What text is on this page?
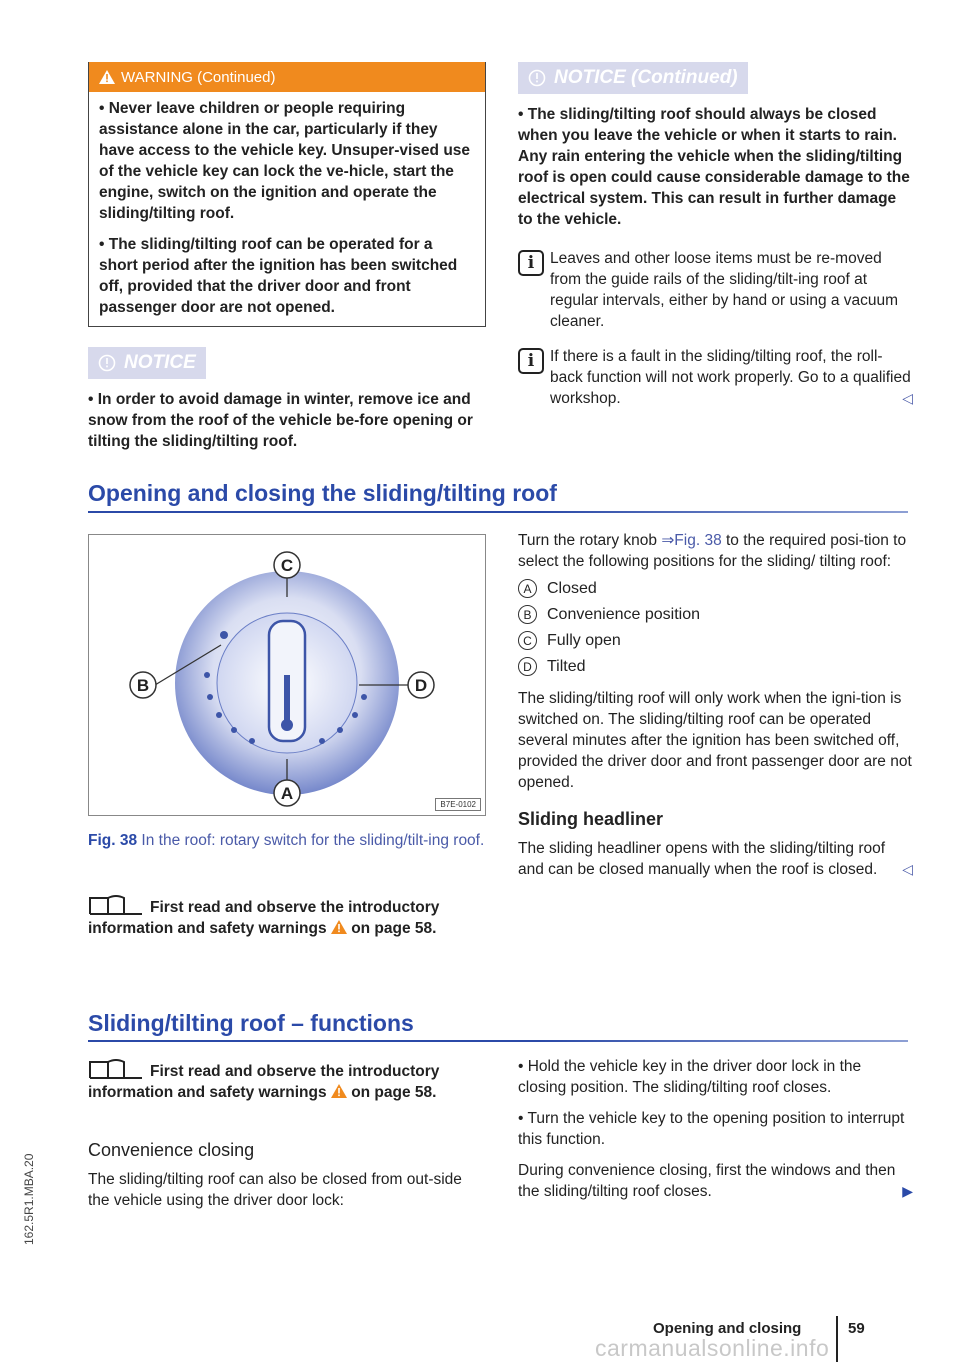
WARNING (Continued)

• Never leave children or people requiring assistance alone in the car, particularly if they have access to the vehicle key. Unsuper-vised use of the vehicle key can lock the ve-hicle, start the engine, switch on the ignition and operate the sliding/tilting roof.

• The sliding/tilting roof can be operated for a short period after the ignition has been switched off, provided that the driver door and front passenger door are not opened.

NOTICE

• In order to avoid damage in winter, remove ice and snow from the roof of the vehicle be-fore opening or tilting the sliding/tilting roof.

NOTICE (Continued)

• The sliding/tilting roof should always be closed when you leave the vehicle or when it starts to rain. Any rain entering the vehicle when the sliding/tilting roof is open could cause considerable damage to the electrical system. This can result in further damage to the vehicle.

i	Leaves and other loose items must be re-moved from the guide rails of the sliding/tilt-ing roof at regular intervals, either by hand or using a vacuum cleaner.
i	If there is a fault in the sliding/tilting roof, the roll-back function will not work properly. Go to a qualified workshop.	◁
Opening and closing the sliding/tilting roof
C
B	D
A
B7E-0102
Fig. 38 In the roof: rotary switch for the sliding/tilt-ing roof.
First read and observe the introductory information and safety warnings on page 58.

Turn the rotary knob ⇒Fig. 38 to the required posi-tion to select the following positions for the sliding/ tilting roof:

A Closed
B Convenience position
C Fully open
D Tilted

The sliding/tilting roof will only work when the igni-tion is switched on. The sliding/tilting roof can be operated several minutes after the ignition has been switched off, provided the driver door and front passenger door are not opened.

Sliding headliner

The sliding headliner opens with the sliding/tilting roof and can be closed manually when the roof is closed. ◁

Sliding/tilting roof – functions
First read and observe the introductory information and safety warnings on page 58.
Convenience closing

The sliding/tilting roof can also be closed from out-side the vehicle using the driver door lock:

• Hold the vehicle key in the driver door lock in the closing position. The sliding/tilting roof closes.

• Turn the vehicle key to the opening position to interrupt this function.

During convenience closing, first the windows and then the sliding/tilting roof closes.	▶

162.5R1.MBA.20
carmanualsonline.info
Opening and closing	59
